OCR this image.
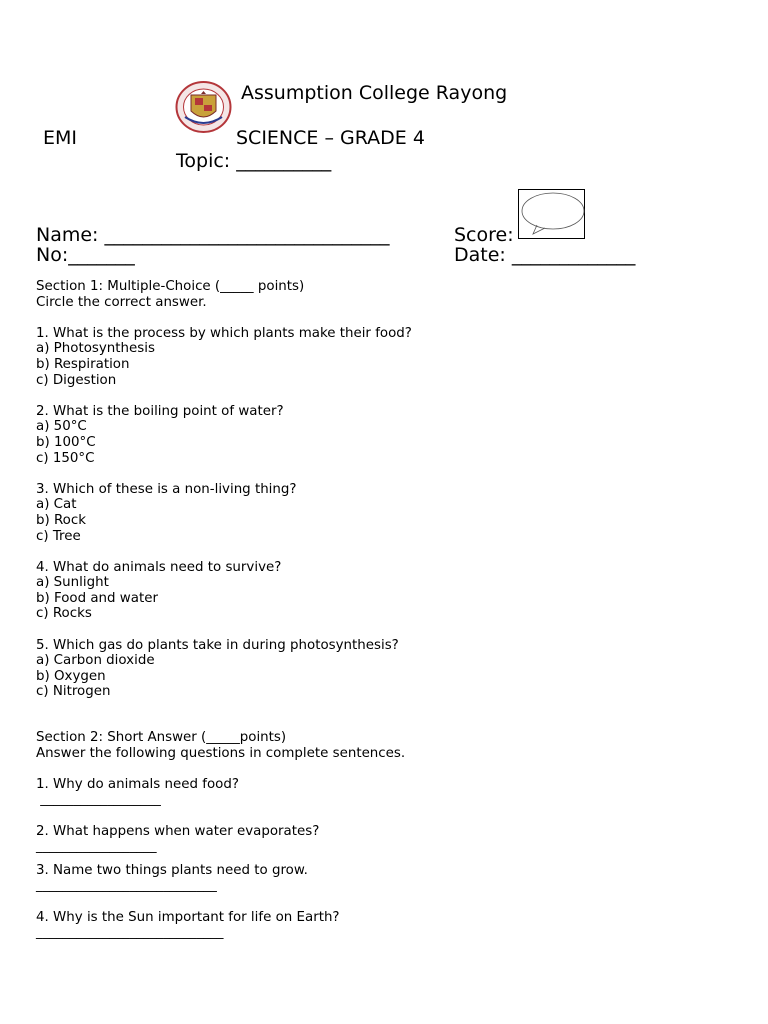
Assumption College Rayong
EMI	SCIENCE – GRADE 4
Topic: __________
Name: ______________________________
No:_______
Score:
Date: _____________
Section 1: Multiple-Choice (_____ points)
Circle the correct answer.
1. What is the process by which plants make their food?
a) Photosynthesis
b) Respiration
c) Digestion
2. What is the boiling point of water?
a) 50°C
b) 100°C
c) 150°C
3. Which of these is a non-living thing?
a) Cat
b) Rock
c) Tree
4. What do animals need to survive?
a) Sunlight
b) Food and water
c) Rocks
5. Which gas do plants take in during photosynthesis?
a) Carbon dioxide
b) Oxygen
c) Nitrogen
Section 2: Short Answer (_____points)
Answer the following questions in complete sentences.
1. Why do animals need food?
__________________
2. What happens when water evaporates?
__________________
3. Name two things plants need to grow.
___________________________
4. Why is the Sun important for life on Earth?
____________________________
